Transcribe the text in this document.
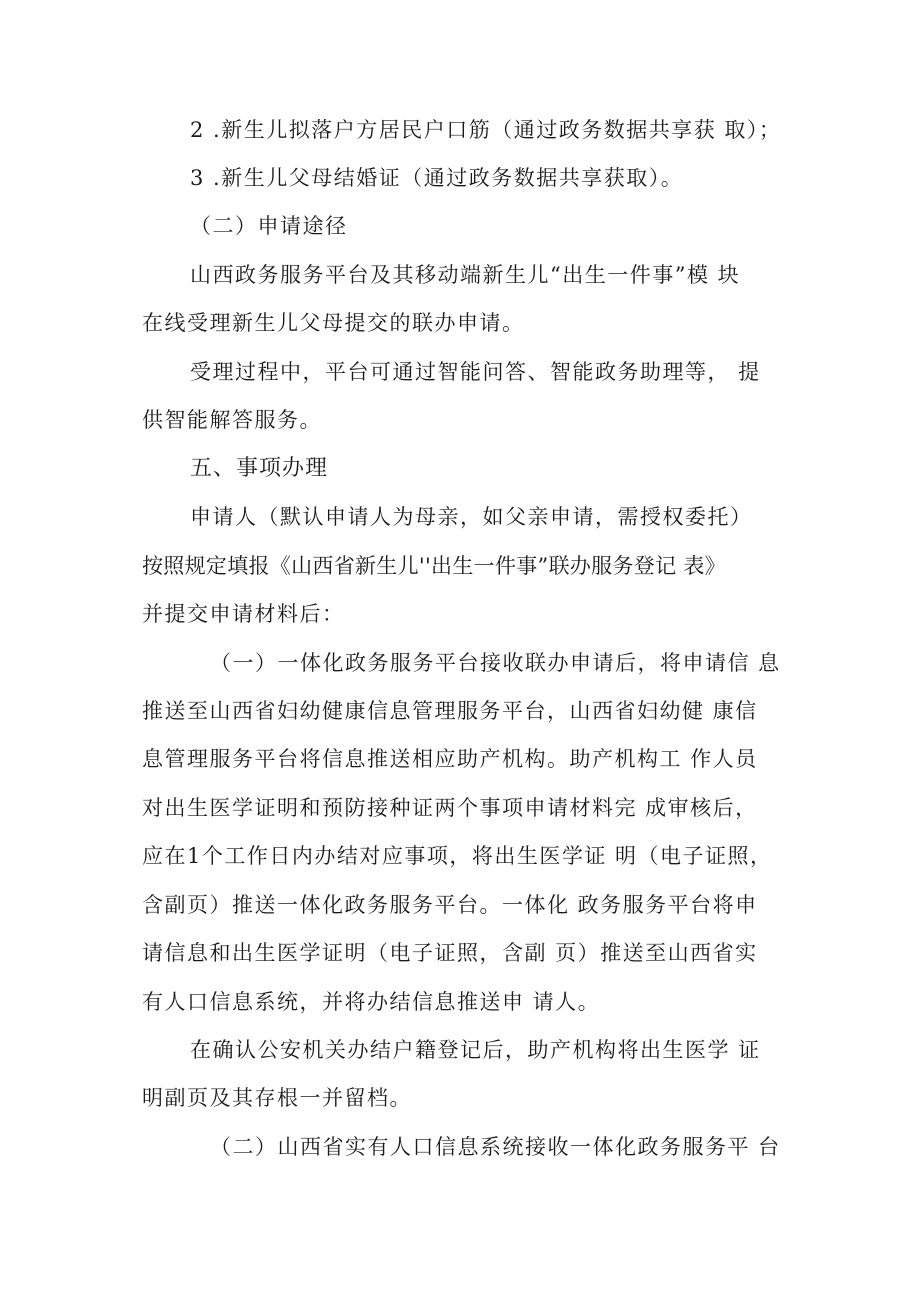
2 .新生儿拟落户方居民户口筋（通过政务数据共享获 取）；
3 .新生儿父母结婚证（通过政务数据共享获取）。
（二）申请途径
山西政务服务平台及其移动端新生儿“出生一件事”模 块
在线受理新生儿父母提交的联办申请。
受理过程中，平台可通过智能问答、智能政务助理等， 提
供智能解答服务。
五、事项办理
申请人（默认申请人为母亲，如父亲申请，需授权委托）
按照规定填报《山西省新生儿''出生一件事”联办服务登记 表》
并提交申请材料后：
（一）一体化政务服务平台接收联办申请后，将申请信 息
推送至山西省妇幼健康信息管理服务平台，山西省妇幼健 康信
息管理服务平台将信息推送相应助产机构。助产机构工 作人员
对出生医学证明和预防接种证两个事项申请材料完 成审核后，
应在1个工作日内办结对应事项，将出生医学证 明（电子证照，
含副页）推送一体化政务服务平台。一体化 政务服务平台将申
请信息和出生医学证明（电子证照，含副 页）推送至山西省实
有人口信息系统，并将办结信息推送申 请人。
在确认公安机关办结户籍登记后，助产机构将出生医学 证
明副页及其存根一并留档。
（二）山西省实有人口信息系统接收一体化政务服务平 台
